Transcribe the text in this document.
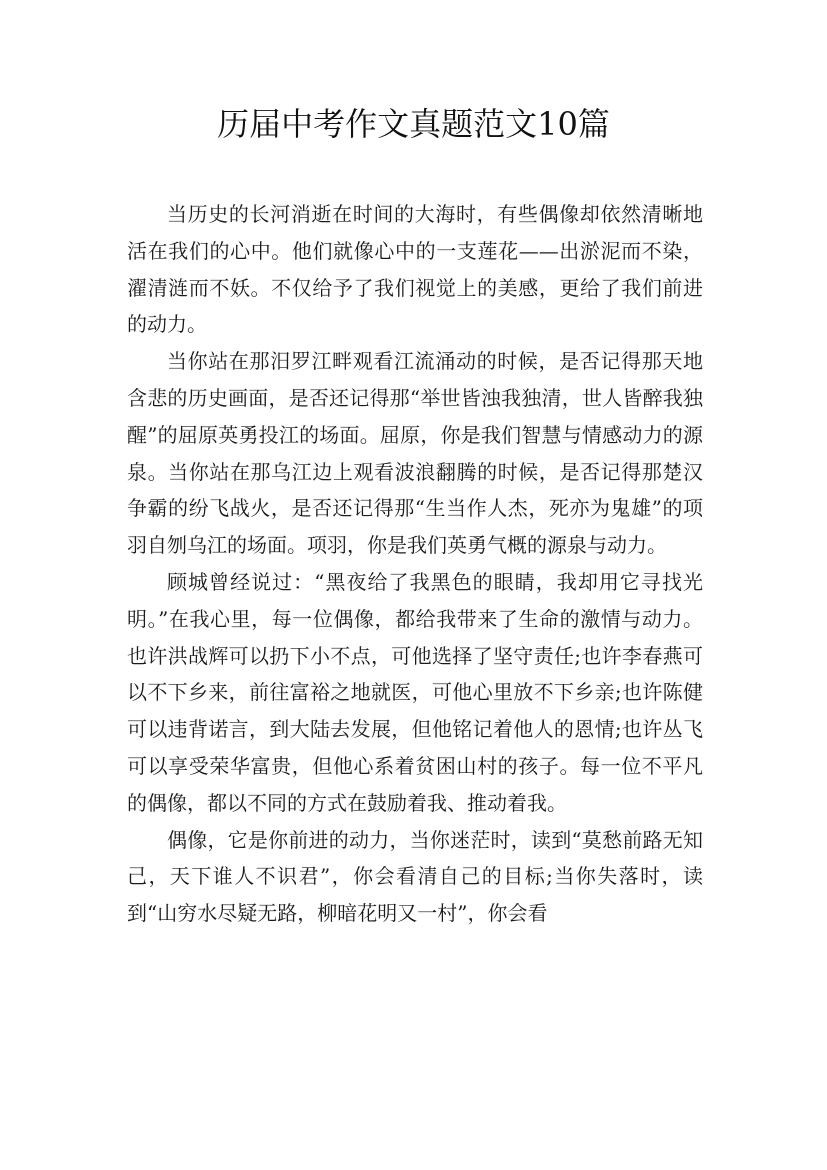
历届中考作文真题范文10篇

当历史的长河消逝在时间的大海时，有些偶像却依然清晰地活在我们的心中。他们就像心中的一支莲花——出淤泥而不染，濯清涟而不妖。不仅给予了我们视觉上的美感，更给了我们前进的动力。

当你站在那汨罗江畔观看江流涌动的时候，是否记得那天地含悲的历史画面，是否还记得那“举世皆浊我独清，世人皆醉我独醒”的屈原英勇投江的场面。屈原，你是我们智慧与情感动力的源泉。当你站在那乌江边上观看波浪翻腾的时候，是否记得那楚汉争霸的纷飞战火，是否还记得那“生当作人杰，死亦为鬼雄”的项羽自刎乌江的场面。项羽，你是我们英勇气概的源泉与动力。

顾城曾经说过：“黑夜给了我黑色的眼睛，我却用它寻找光明。”在我心里，每一位偶像，都给我带来了生命的激情与动力。也许洪战辉可以扔下小不点，可他选择了坚守责任;也许李春燕可以不下乡来，前往富裕之地就医，可他心里放不下乡亲;也许陈健可以违背诺言，到大陆去发展，但他铭记着他人的恩情;也许丛飞可以享受荣华富贵，但他心系着贫困山村的孩子。每一位不平凡的偶像，都以不同的方式在鼓励着我、推动着我。

偶像，它是你前进的动力，当你迷茫时，读到“莫愁前路无知己，天下谁人不识君”，你会看清自己的目标;当你失落时，读到“山穷水尽疑无路，柳暗花明又一村”，你会看
